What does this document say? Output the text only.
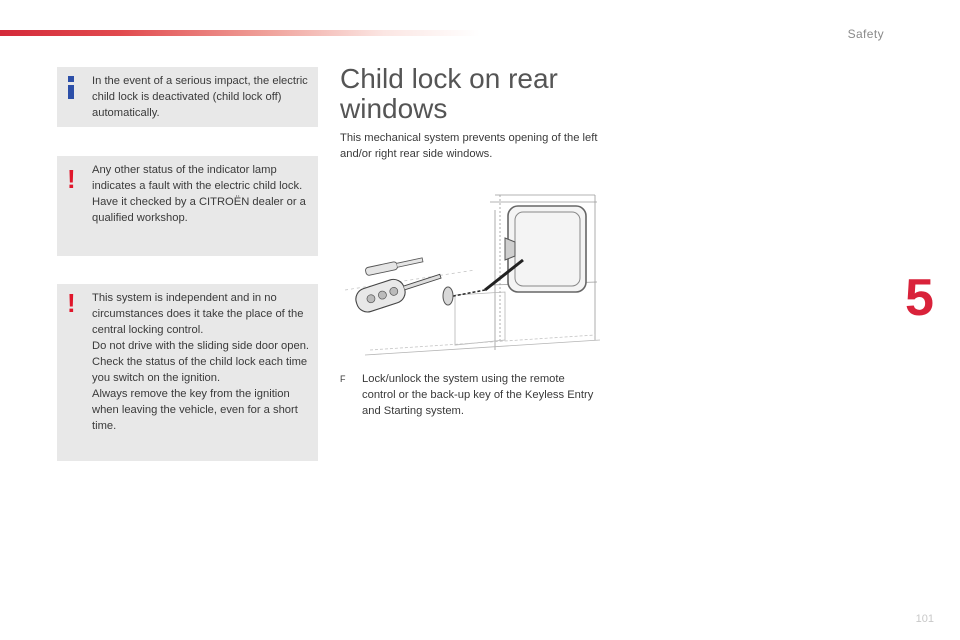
Safety
5
In the event of a serious impact, the electric child lock is deactivated (child lock off) automatically.
! Any other status of the indicator lamp indicates a fault with the electric child lock.
Have it checked by a CITROËN dealer or a qualified workshop.
! This system is independent and in no circumstances does it take the place of the central locking control.
Do not drive with the sliding side door open.
Check the status of the child lock each time you switch on the ignition.
Always remove the key from the ignition when leaving the vehicle, even for a short time.
Child lock on rear windows
This mechanical system prevents opening of the left and/or right rear side windows.
F	Lock/unlock the system using the remote control or the back-up key of the Keyless Entry and Starting system.
101
